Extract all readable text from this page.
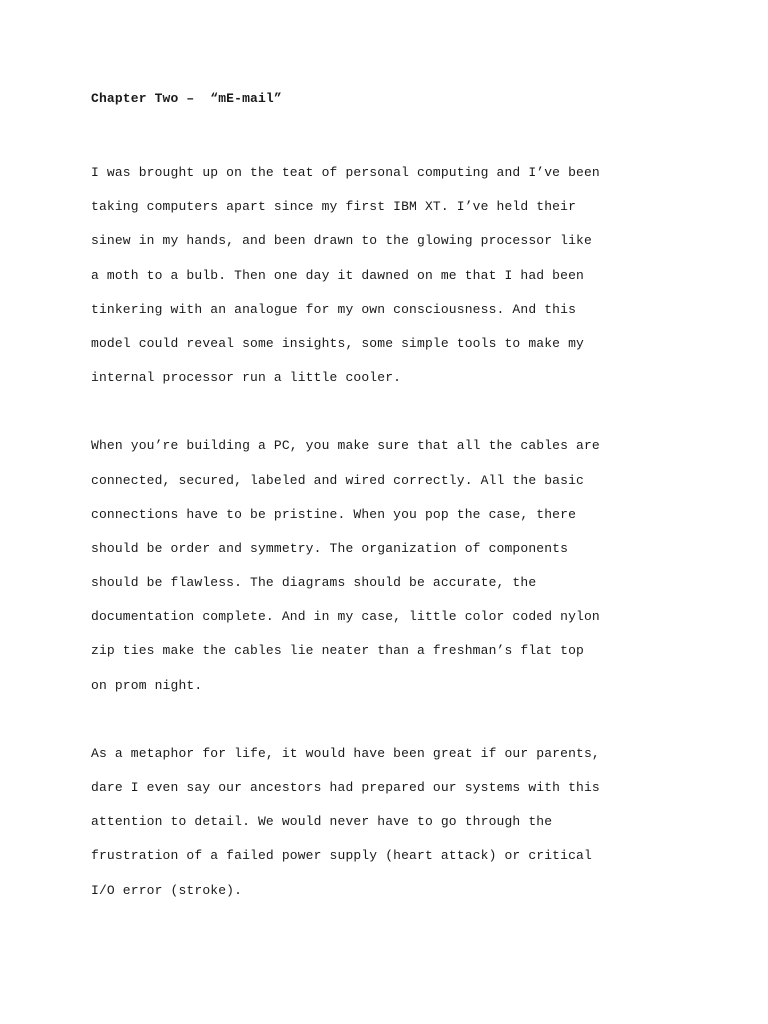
Chapter Two –  “mE-mail”
I was brought up on the teat of personal computing and I’ve been
taking computers apart since my first IBM XT. I’ve held their
sinew in my hands, and been drawn to the glowing processor like
a moth to a bulb. Then one day it dawned on me that I had been
tinkering with an analogue for my own consciousness. And this
model could reveal some insights, some simple tools to make my
internal processor run a little cooler.
When you’re building a PC, you make sure that all the cables are
connected, secured, labeled and wired correctly. All the basic
connections have to be pristine. When you pop the case, there
should be order and symmetry. The organization of components
should be flawless. The diagrams should be accurate, the
documentation complete. And in my case, little color coded nylon
zip ties make the cables lie neater than a freshman’s flat top
on prom night.
As a metaphor for life, it would have been great if our parents,
dare I even say our ancestors had prepared our systems with this
attention to detail. We would never have to go through the
frustration of a failed power supply (heart attack) or critical
I/O error (stroke).
